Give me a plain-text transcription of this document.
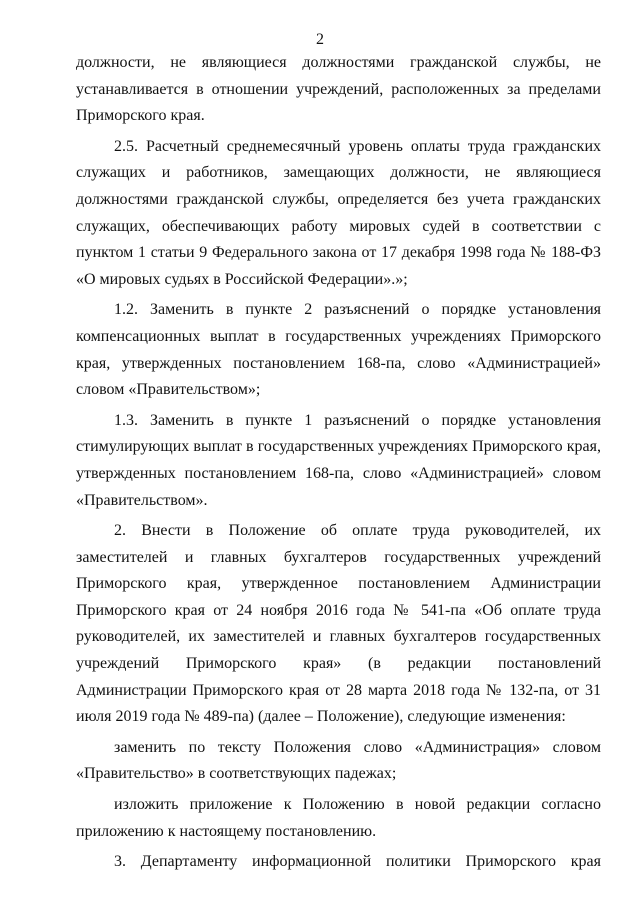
2

должности, не являющиеся должностями гражданской службы, не устанавливается в отношении учреждений, расположенных за пределами Приморского края.

2.5. Расчетный среднемесячный уровень оплаты труда гражданских служащих и работников, замещающих должности, не являющиеся должностями гражданской службы, определяется без учета гражданских служащих, обеспечивающих работу мировых судей в соответствии с пунктом 1 статьи 9 Федерального закона от 17 декабря 1998 года № 188-ФЗ «О мировых судьях в Российской Федерации».»;

1.2. Заменить в пункте 2 разъяснений о порядке установления компенсационных выплат в государственных учреждениях Приморского края, утвержденных постановлением 168-па, слово «Администрацией» словом «Правительством»;

1.3. Заменить в пункте 1 разъяснений о порядке установления стимулирующих выплат в государственных учреждениях Приморского края, утвержденных постановлением 168-па, слово «Администрацией» словом «Правительством».

2. Внести в Положение об оплате труда руководителей, их заместителей и главных бухгалтеров государственных учреждений Приморского края, утвержденное постановлением Администрации Приморского края от 24 ноября 2016 года № 541-па «Об оплате труда руководителей, их заместителей и главных бухгалтеров государственных учреждений Приморского края» (в редакции постановлений Администрации Приморского края от 28 марта 2018 года № 132-па, от 31 июля 2019 года № 489-па) (далее – Положение), следующие изменения:

заменить по тексту Положения слово «Администрация» словом «Правительство» в соответствующих падежах;

изложить приложение к Положению в новой редакции согласно приложению к настоящему постановлению.

3. Департаменту информационной политики Приморского края
